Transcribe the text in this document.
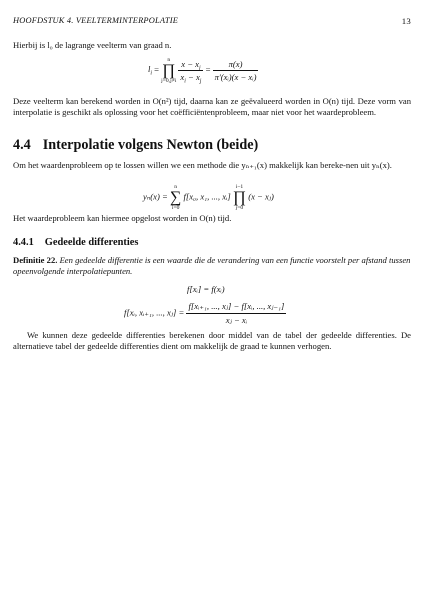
HOOFDSTUK 4. VEELTERMINTERPOLATIE	13
Hierbij is l₀ de lagrange veelterm van graad n.
$l_i$ =
n
∏
j=0,j≠i
$\frac{x - x_j}{x_i - x_j} = \frac{\pi(x)}{\text{π′(xᵢ)(x − xᵢ)}}$
Deze veelterm kan berekend worden in O(n²) tijd, daarna kan ze geëvalueerd worden in O(n) tijd. Deze vorm van interpolatie is geschikt als oplossing voor het coëfficiëntenprobleem, maar niet voor het waardeprobleem.
4.4 Interpolatie volgens Newton (beide)
Om het waardenprobleem op te lossen willen we een methode die yₙ₊₁(x) makkelijk kan bereke-nen uit yₙ(x).
yₙ(x) =
n
∑
i=0
f[x₀, x₁, ..., xᵢ]
i−1
∏
j=0
(x − xⱼ)
Het waardeprobleem kan hiermee opgelost worden in O(n) tijd.
4.4.1 Gedeelde differenties
Definitie 22. Een gedeelde differentie is een waarde die de verandering van een functie voorstelt per afstand tussen opeenvolgende interpolatiepunten.
f[xᵢ] = f(xᵢ)
f[xᵢ, xᵢ₊₁, ..., xⱼ] = $\frac{\text{f[xᵢ₊₁, ..., xⱼ] − f[xᵢ, ..., xⱼ₋₁]}}{\text{xⱼ − xᵢ}}$
We kunnen deze gedeelde differenties berekenen door middel van de tabel der gedeelde differenties. De alternatieve tabel der gedeelde differenties dient om makkelijk de graad te kunnen verhogen.
